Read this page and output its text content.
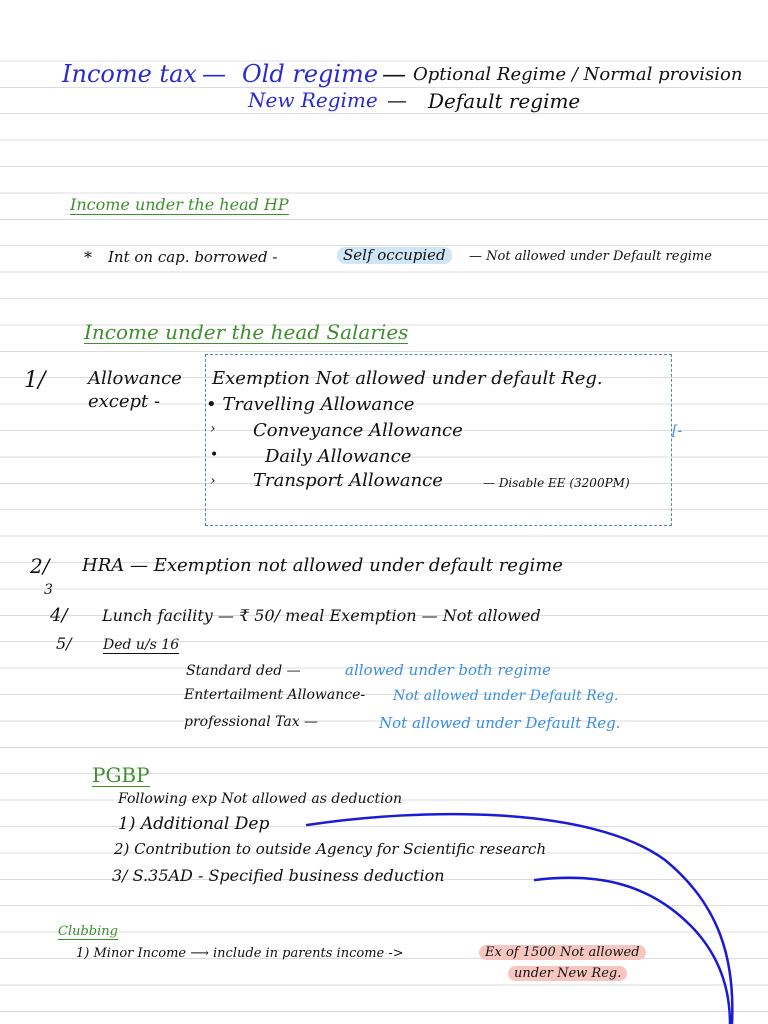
Income tax — Old regime — Optional Regime / Normal provision
New Regime — Default regime
Income under the head HP
* Int on cap. borrowed -	Self occupied	— Not allowed under Default regime
Income under the head Salaries
1/ Allowance
except -
Exemption Not allowed under default Reg.
• Travelling Allowance
› Conveyance Allowance
•	Daily Allowance
› Transport Allowance	— Disable EE (3200PM)
[-
2/ HRA — Exemption not allowed under default regime
3
4/ Lunch facility — ₹ 50/ meal Exemption — Not allowed
5/ Ded u/s 16
Standard ded —	allowed under both regime
Entertailment Allowance- Not allowed under Default Reg.
professional Tax —	Not allowed under Default Reg.
PGBP
Following exp Not allowed as deduction
1) Additional Dep
2) Contribution to outside Agency for Scientific research
3/ S.35AD - Specified business deduction
Clubbing
1) Minor Income ⟶ include in parents income ->	Ex of 1500 Not allowed
under New Reg.
